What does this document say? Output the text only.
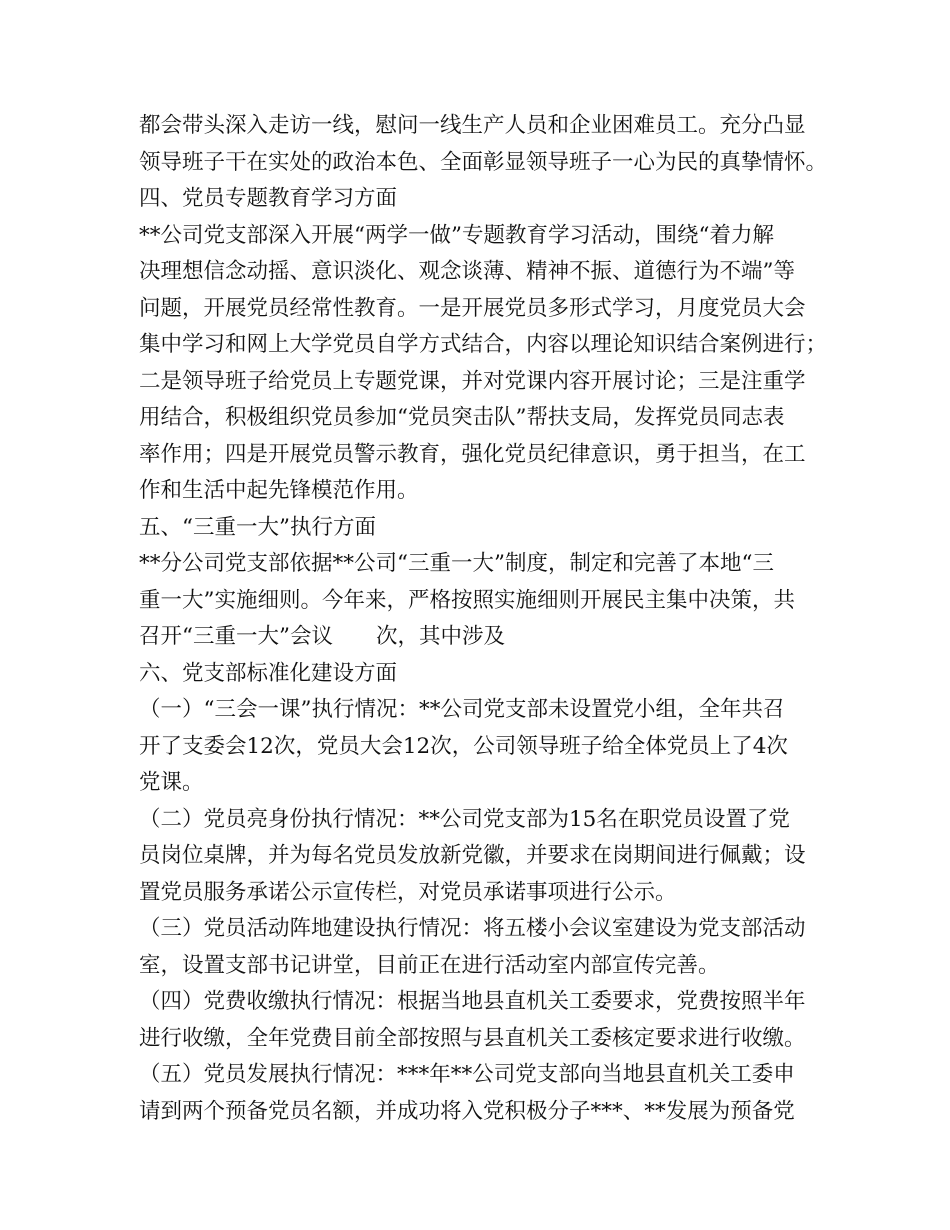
都会带头深入走访一线，慰问一线生产人员和企业困难员工。充分凸显
领导班子干在实处的政治本色、全面彰显领导班子一心为民的真挚情怀。
四、党员专题教育学习方面
**公司党支部深入开展“两学一做”专题教育学习活动，围绕“着力解
决理想信念动摇、意识淡化、观念谈薄、精神不振、道德行为不端”等
问题，开展党员经常性教育。一是开展党员多形式学习，月度党员大会
集中学习和网上大学党员自学方式结合，内容以理论知识结合案例进行；
二是领导班子给党员上专题党课，并对党课内容开展讨论；三是注重学
用结合，积极组织党员参加“党员突击队”帮扶支局，发挥党员同志表
率作用；四是开展党员警示教育，强化党员纪律意识，勇于担当，在工
作和生活中起先锋模范作用。
五、“三重一大”执行方面
**分公司党支部依据**公司“三重一大”制度，制定和完善了本地“三
重一大”实施细则。今年来，严格按照实施细则开展民主集中决策，共
召开“三重一大”会议　　次，其中涉及
六、党支部标准化建设方面
（一）“三会一课”执行情况：**公司党支部未设置党小组，全年共召
开了支委会12次，党员大会12次，公司领导班子给全体党员上了4次
党课。
（二）党员亮身份执行情况：**公司党支部为15名在职党员设置了党
员岗位桌牌，并为每名党员发放新党徽，并要求在岗期间进行佩戴；设
置党员服务承诺公示宣传栏，对党员承诺事项进行公示。
（三）党员活动阵地建设执行情况：将五楼小会议室建设为党支部活动
室，设置支部书记讲堂，目前正在进行活动室内部宣传完善。
（四）党费收缴执行情况：根据当地县直机关工委要求，党费按照半年
进行收缴，全年党费目前全部按照与县直机关工委核定要求进行收缴。
（五）党员发展执行情况：***年**公司党支部向当地县直机关工委申
请到两个预备党员名额，并成功将入党积极分子***、**发展为预备党
